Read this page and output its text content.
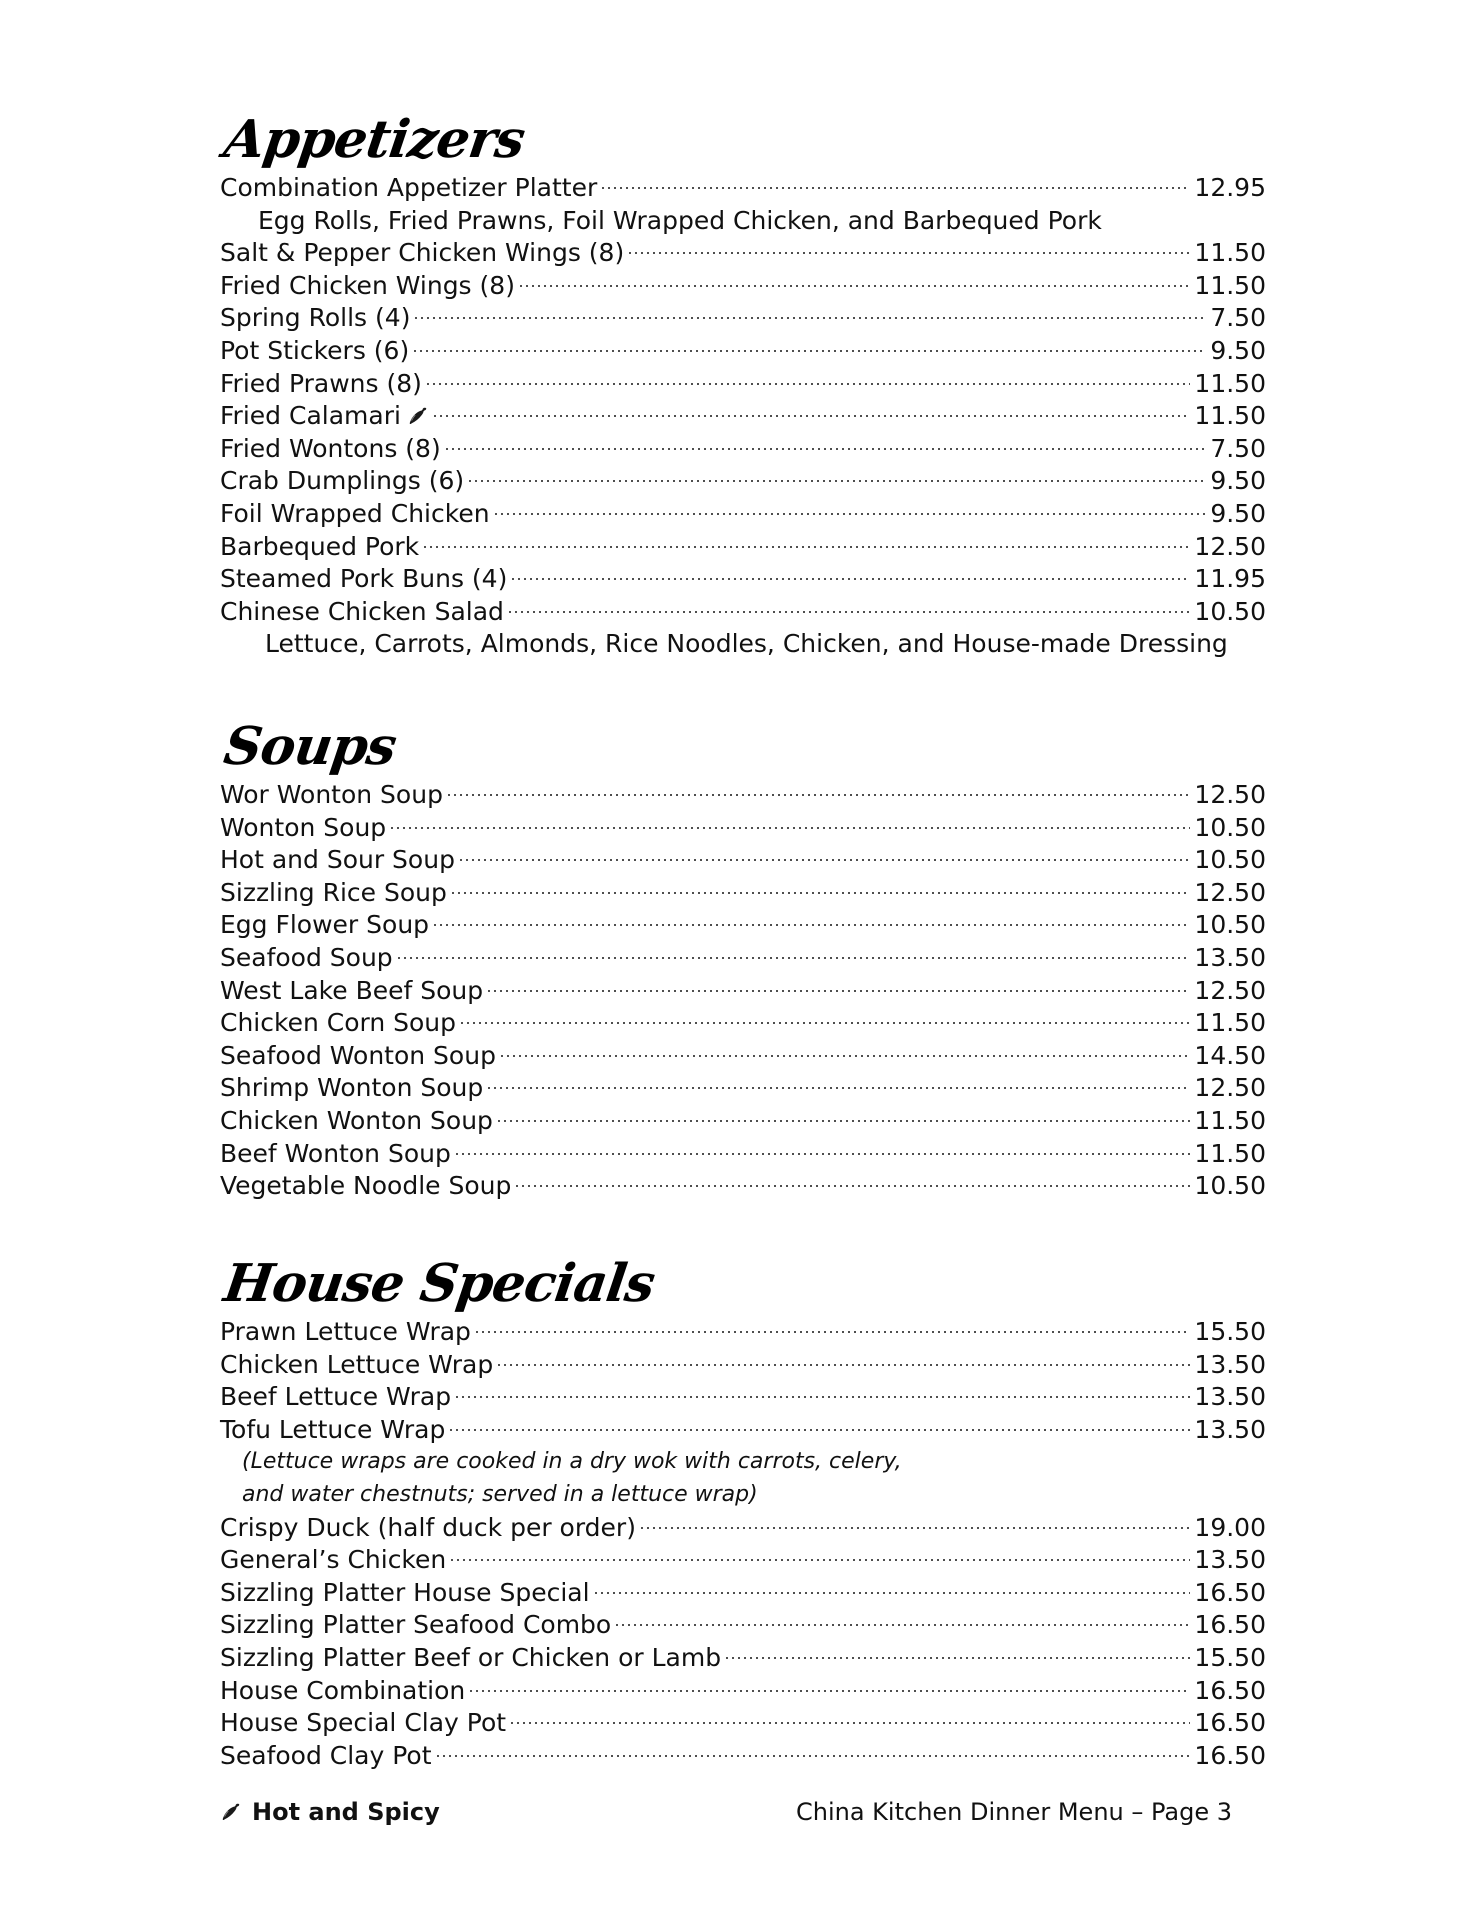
Appetizers
Combination Appetizer Platter	12.95
Egg Rolls, Fried Prawns, Foil Wrapped Chicken, and Barbequed Pork
Salt & Pepper Chicken Wings (8)	11.50
Fried Chicken Wings (8)	11.50
Spring Rolls (4)	7.50
Pot Stickers (6)	9.50
Fried Prawns (8)	11.50
Fried Calamari	11.50
Fried Wontons (8)	7.50
Crab Dumplings (6)	9.50
Foil Wrapped Chicken	9.50
Barbequed Pork	12.50
Steamed Pork Buns (4)	11.95
Chinese Chicken Salad	10.50
Lettuce, Carrots, Almonds, Rice Noodles, Chicken, and House-made Dressing
Soups
Wor Wonton Soup	12.50
Wonton Soup	10.50
Hot and Sour Soup	10.50
Sizzling Rice Soup	12.50
Egg Flower Soup	10.50
Seafood Soup	13.50
West Lake Beef Soup	12.50
Chicken Corn Soup	11.50
Seafood Wonton Soup	14.50
Shrimp Wonton Soup	12.50
Chicken Wonton Soup	11.50
Beef Wonton Soup	11.50
Vegetable Noodle Soup	10.50
House Specials
Prawn Lettuce Wrap	15.50
Chicken Lettuce Wrap	13.50
Beef Lettuce Wrap	13.50
Tofu Lettuce Wrap	13.50
(Lettuce wraps are cooked in a dry wok with carrots, celery,
and water chestnuts; served in a lettuce wrap)
Crispy Duck (half duck per order)	19.00
General’s Chicken	13.50
Sizzling Platter House Special	16.50
Sizzling Platter Seafood Combo	16.50
Sizzling Platter Beef or Chicken or Lamb	15.50
House Combination	16.50
House Special Clay Pot	16.50
Seafood Clay Pot	16.50
Hot and Spicy	China Kitchen Dinner Menu – Page 3
